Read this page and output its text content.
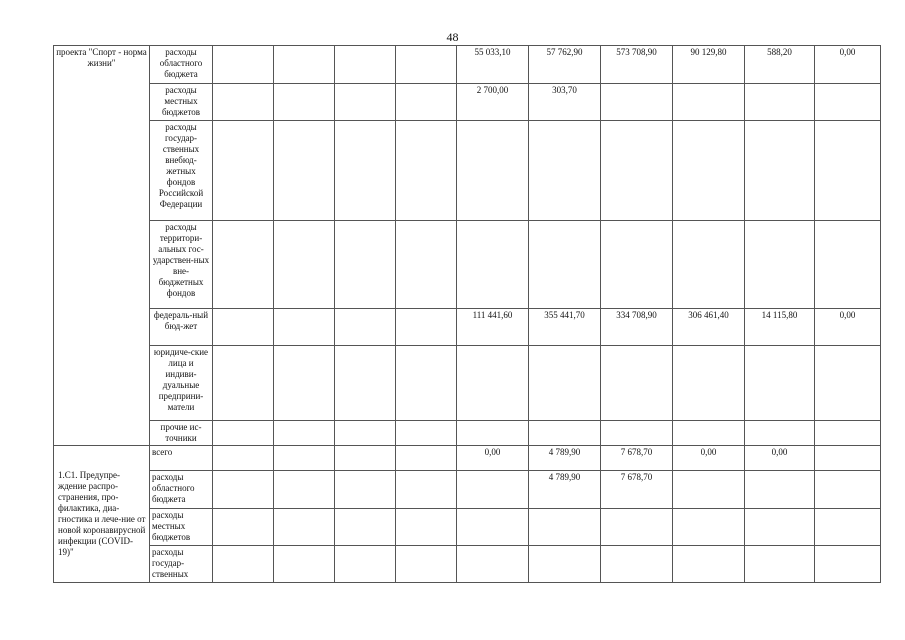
48
проекта "Спорт - норма жизни"	расходы областного бюджета					55 033,10	57 762,90	573 708,90	90 129,80	588,20	0,00
	расходы местных бюджетов					2 700,00	303,70				
	расходы государ-ственных внебюд-жетных фондов Российской Федерации										
	расходы территори-альных гос-ударствен-ных вне-бюджетных фондов										
	федераль-ный бюд-жет					111 441,60	355 441,70	334 708,90	306 461,40	14 115,80	0,00
	юридиче-ские лица и индиви-дуальные предприни-матели										
	прочие ис-точники										
1.С1. Предупре-ждение распро-странения, про-филактика, диа-гностика и лече-ние от новой коронавирусной инфекции (COVID-19)"	всего					0,00	4 789,90	7 678,70	0,00	0,00	
	расходы областного бюджета						4 789,90	7 678,70			
	расходы местных бюджетов										
	расходы государ-ственных										
